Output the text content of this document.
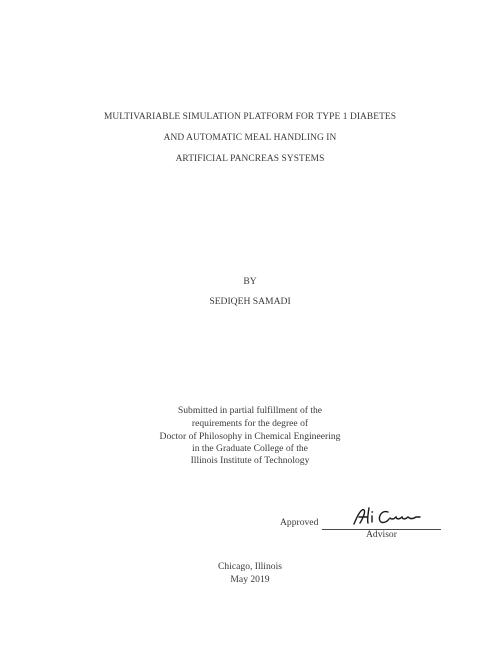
MULTIVARIABLE SIMULATION PLATFORM FOR TYPE 1 DIABETES
AND AUTOMATIC MEAL HANDLING IN
ARTIFICIAL PANCREAS SYSTEMS
BY
SEDIQEH SAMADI
Submitted in partial fulfillment of the
requirements for the degree of
Doctor of Philosophy in Chemical Engineering
in the Graduate College of the
Illinois Institute of Technology
Approved
Advisor
Chicago, Illinois
May 2019
